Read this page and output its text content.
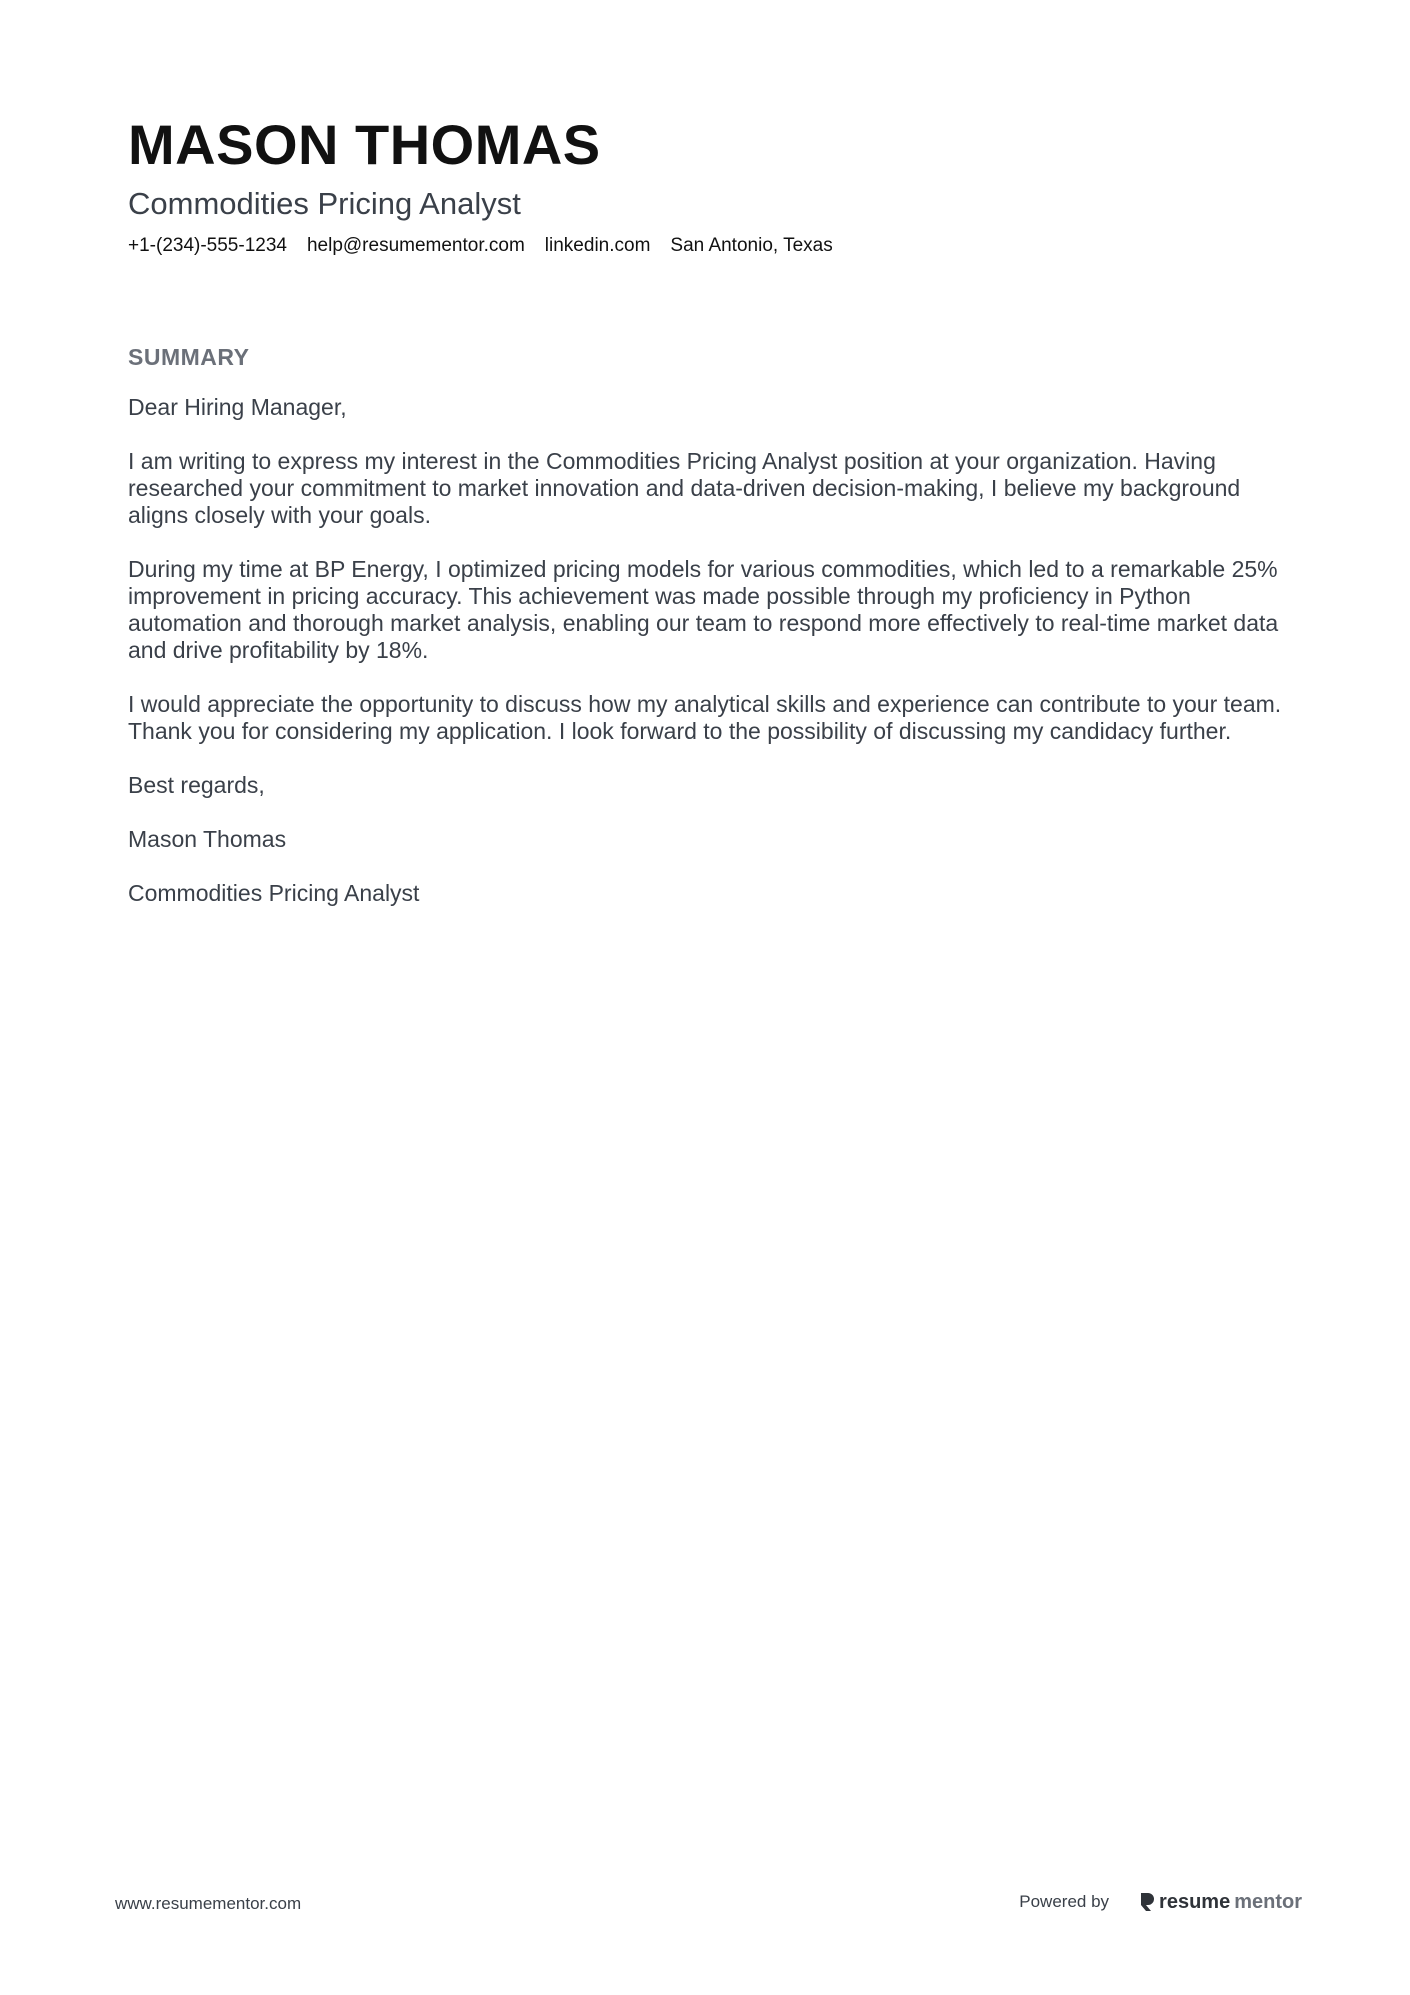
MASON THOMAS
Commodities Pricing Analyst
+1-(234)-555-1234 help@resumementor.com linkedin.com San Antonio, Texas
SUMMARY

Dear Hiring Manager,

I am writing to express my interest in the Commodities Pricing Analyst position at your organization. Having researched your commitment to market innovation and data-driven decision-making, I believe my background aligns closely with your goals.

During my time at BP Energy, I optimized pricing models for various commodities, which led to a remarkable 25% improvement in pricing accuracy. This achievement was made possible through my proficiency in Python automation and thorough market analysis, enabling our team to respond more effectively to real-time market data and drive profitability by 18%.

I would appreciate the opportunity to discuss how my analytical skills and experience can contribute to your team. Thank you for considering my application. I look forward to the possibility of discussing my candidacy further.

Best regards,

Mason Thomas

Commodities Pricing Analyst

www.resumementor.com	Powered by	resume mentor
